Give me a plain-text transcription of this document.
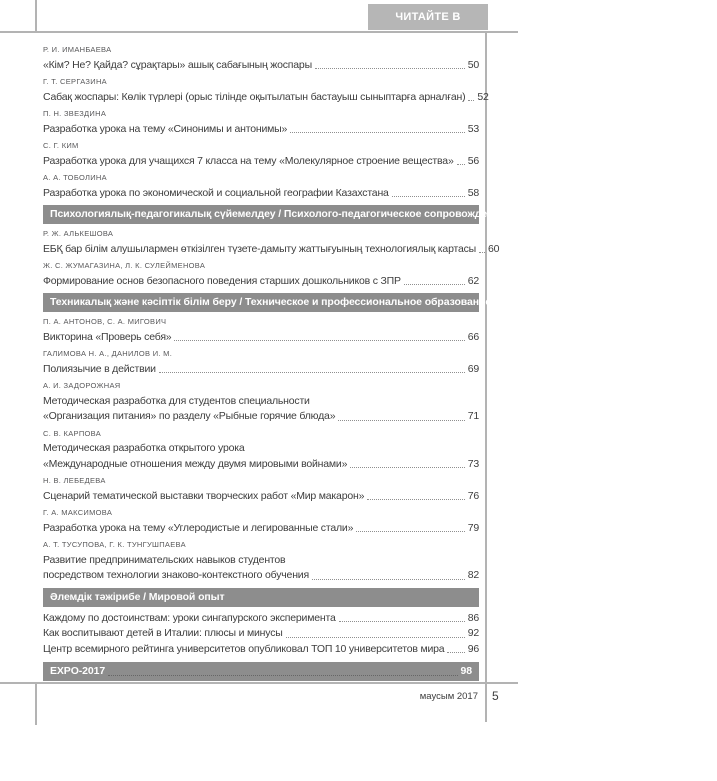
ЧИТАЙТЕ В НОМЕРЕ:
Р. И. ИМАНБАЕВА
«Кім? Не? Қайда? сұрақтары» ашық сабағының жоспары	50
Г. Т. СЕРГАЗИНА
Сабақ жоспары: Көлік түрлері (орыс тілінде оқытылатын бастауыш сыныптарға арналған) 52
П. Н. ЗВЕЗДИНА
Разработка урока на тему «Синонимы и антонимы»	53
С. Г. КИМ
Разработка урока для учащихся 7 класса на тему «Молекулярное строение вещества» 56
А. А. ТОБОЛИНА
Разработка урока по экономической и социальной географии Казахстана	58
Психологиялық-педагогикалық сүйемелдеу / Психолого-педагогическое сопровождение
Р. Ж. АЛЬКЕШОВА
ЕБҚ бар білім алушылармен өткізілген түзете-дамыту жаттығуының технологиялық картасы 60
Ж. С. ЖУМАГАЗИНА, Л. К. СУЛЕЙМЕНОВА
Формирование основ безопасного поведения старших дошкольников с ЗПР	62
Техникалық және кәсіптік білім беру / Техническое и профессиональное образование
П. А. АНТОНОВ, С. А. МИГОВИЧ
Викторина «Проверь себя»	66
ГАЛИМОВА Н. А., ДАНИЛОВ И. М.
Полиязычие в действии	69
А. И. ЗАДОРОЖНАЯ
Методическая разработка для студентов специальности
«Организация питания» по разделу «Рыбные горячие блюда»	71
С. В. КАРПОВА
Методическая разработка открытого урока
«Международные отношения между двумя мировыми войнами»	73
Н. В. ЛЕБЕДЕВА
Сценарий тематической выставки творческих работ «Мир макарон»	76
Г. А. МАКСИМОВА
Разработка урока на тему «Углеродистые и легированные стали»	79
А. Т. ТУСУПОВА, Г. К. ТУНГУШПАЕВА
Развитие предпринимательских навыков студентов
посредством технологии знаково-контекстного обучения	82
Әлемдік тәжірибе / Мировой опыт
Каждому по достоинствам: уроки сингапурского эксперимента	86
Как воспитывают детей в Италии: плюсы и минусы	92
Центр всемирного рейтинга университетов опубликовал ТОП 10 университетов мира 96
EXPO-2017	98
маусым 2017 5
